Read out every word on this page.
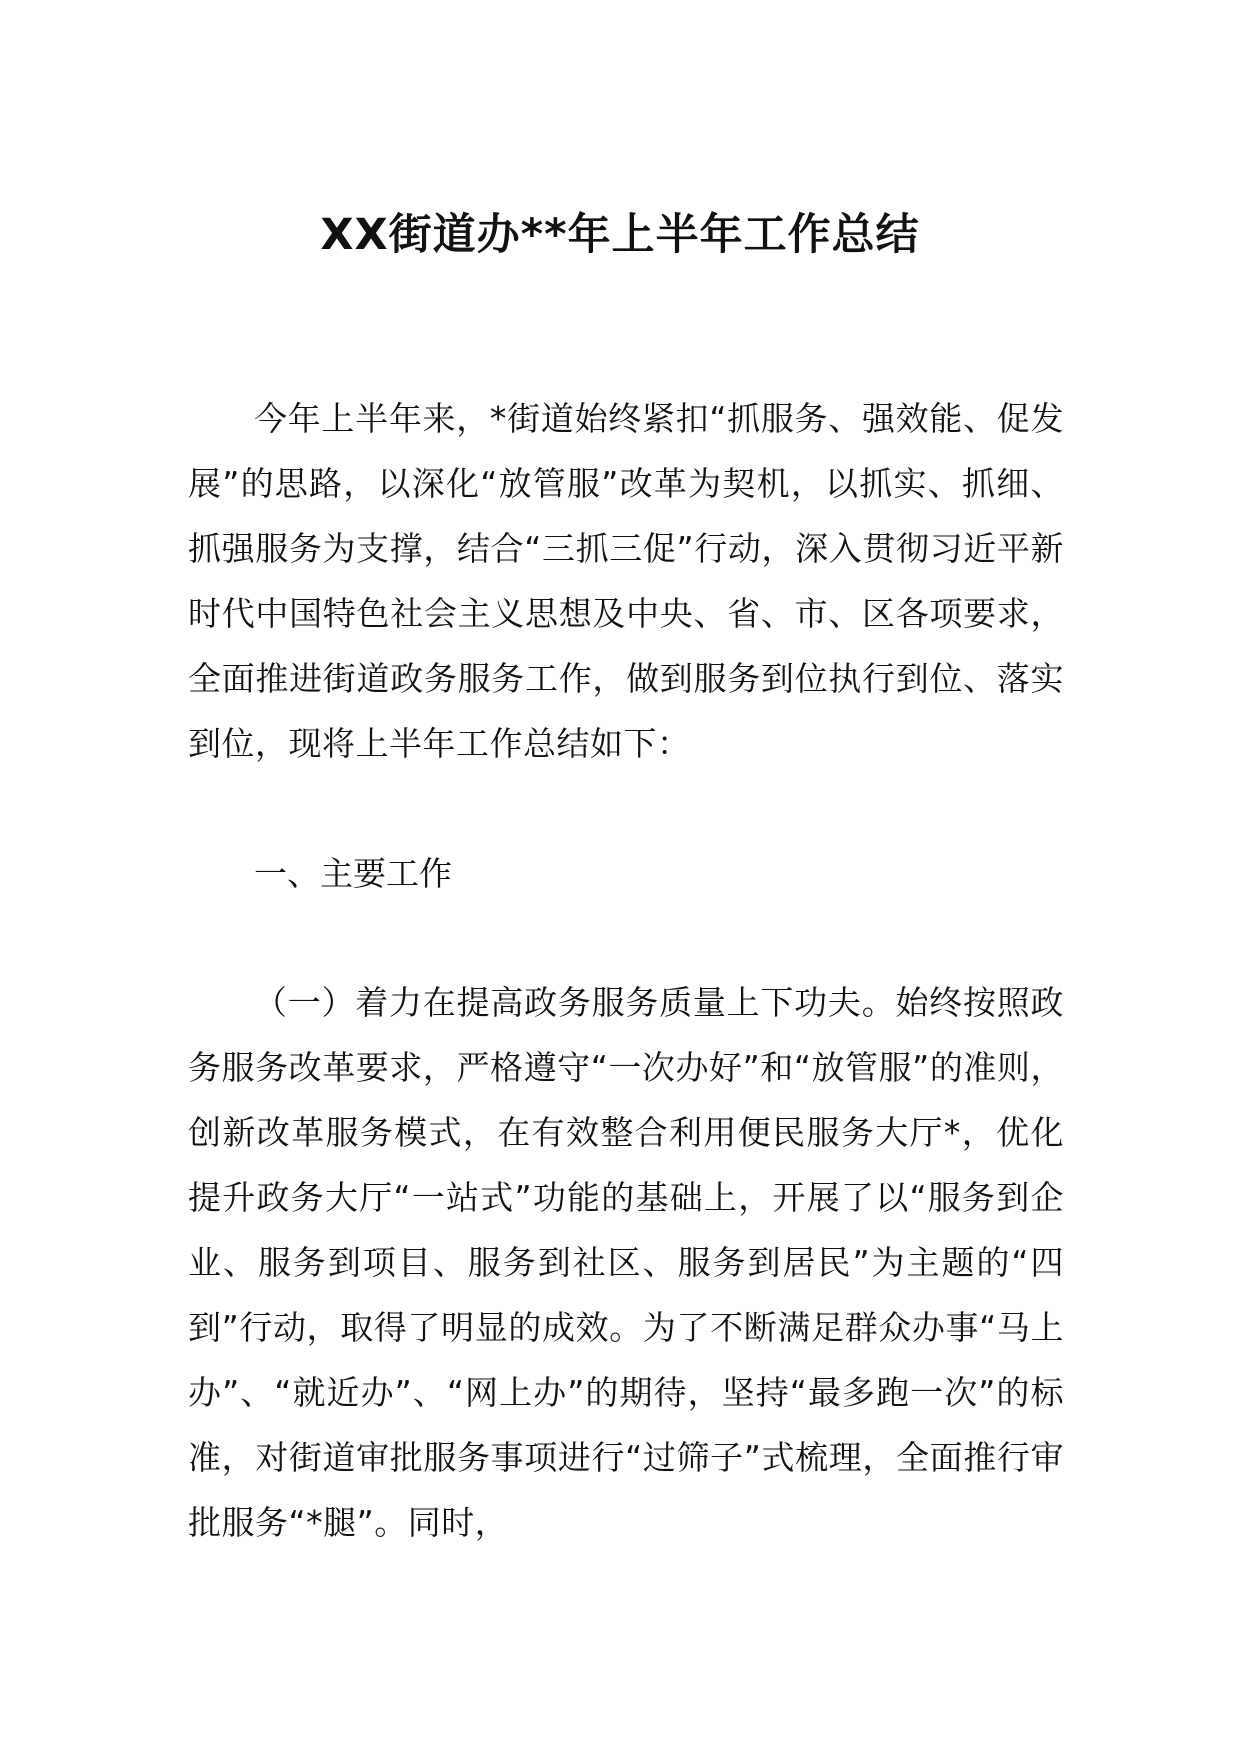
XX街道办**年上半年工作总结

今年上半年来，*街道始终紧扣“抓服务、强效能、促发展”的思路，以深化“放管服”改革为契机，以抓实、抓细、抓强服务为支撑，结合“三抓三促”行动，深入贯彻习近平新时代中国特色社会主义思想及中央、省、市、区各项要求，全面推进街道政务服务工作，做到服务到位执行到位、落实到位，现将上半年工作总结如下：

一、主要工作

（一）着力在提高政务服务质量上下功夫。始终按照政务服务改革要求，严格遵守“一次办好”和“放管服”的准则，创新改革服务模式，在有效整合利用便民服务大厅*，优化提升政务大厅“一站式”功能的基础上，开展了以“服务到企业、服务到项目、服务到社区、服务到居民”为主题的“四到”行动，取得了明显的成效。为了不断满足群众办事“马上办”、“就近办”、“网上办”的期待，坚持“最多跑一次”的标准，对街道审批服务事项进行“过筛子”式梳理，全面推行审批服务“*腿”。同时，
